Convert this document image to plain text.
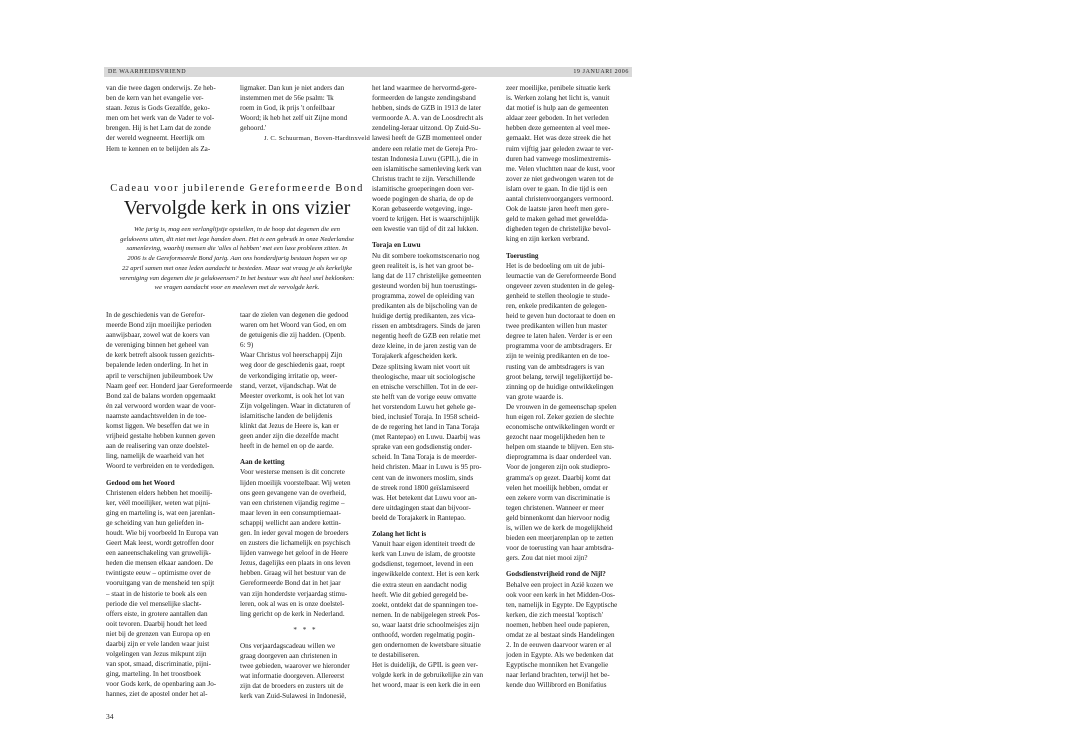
DE WAARHEIDSVRIEND	19 JANUARI 2006
van die twee dagen onderwijs. Ze heb-
ben de kern van het evangelie ver-
staan. Jezus is Gods Gezalfde, geko-
men om het werk van de Vader te vol-
brengen. Hij is het Lam dat de zonde
der wereld wegneemt. Heerlijk om
Hem te kennen en te belijden als Za-
ligmaker. Dan kun je niet anders dan
instemmen met de 56e psalm: 'Ik
roem in God, ik prijs 't onfeilbaar
Woord; ik heb het zelf uit Zijne mond
gehoord.'
J. C. Schuurman, Boven-Hardinxveld
Cadeau voor jubilerende Gereformeerde Bond
Vervolgde kerk in ons vizier
Wie jarig is, mag een verlanglijstje opstellen, in de hoop dat degenen die een
gelukwens uiten, dit niet met lege handen doen. Het is een gebruik in onze Nederlandse
samenleving, waarbij mensen die 'alles al hebben' met een luxe probleem zitten. In
2006 is de Gereformeerde Bond jarig. Aan ons honderdjarig bestaan hopen we op
22 april samen met onze leden aandacht te besteden. Maar wat vraag je als kerkelijke
vereniging van degenen die je gelukwensen? In het bestuur was dit heel snel beklonken:
we vragen aandacht voor en meeleven met de vervolgde kerk.
In de geschiedenis van de Gerefor-
meerde Bond zijn moeilijke perioden
aanwijsbaar, zowel wat de koers van
de vereniging binnen het geheel van
de kerk betreft alsook tussen gezichts-
bepalende leden onderling. In het in
april te verschijnen jubileumboek Uw
Naam geef eer. Honderd jaar Gereformeerde
Bond zal de balans worden opgemaakt
én zal verwoord worden waar de voor-
naamste aandachtsvelden in de toe-
komst liggen. We beseffen dat we in
vrijheid gestalte hebben kunnen geven
aan de realisering van onze doelstel-
ling, namelijk de waarheid van het
Woord te verbreiden en te verdedigen.
Gedood om het Woord
Christenen elders hebben het moeilij-
ker, véél moeilijker, weten wat pijni-
ging en marteling is, wat een jarenlan-
ge scheiding van hun geliefden in-
houdt. Wie bij voorbeeld In Europa van
Geert Mak leest, wordt getroffen door
een aaneenschakeling van gruwelijk-
heden die mensen elkaar aandoen. De
twintigste eeuw – optimisme over de
vooruitgang van de mensheid ten spijt
– staat in de historie te boek als een
periode die vel menselijke slacht-
offers eiste, in grotere aantallen dan
ooit tevoren. Daarbij houdt het leed
niet bij de grenzen van Europa op en
daarbij zijn er vele landen waar juist
volgelingen van Jezus mikpunt zijn
van spot, smaad, discriminatie, pijni-
ging, marteling. In het troostboek
voor Gods kerk, de openbaring aan Jo-
hannes, ziet de apostel onder het al-
taar de zielen van degenen die gedood
waren om het Woord van God, en om
de getuigenis die zij hadden. (Openb.
6: 9)
Waar Christus vol heerschappij Zijn
weg door de geschiedenis gaat, roept
de verkondiging irritatie op, weer-
stand, verzet, vijandschap. Wat de
Meester overkomt, is ook het lot van
Zijn volgelingen. Waar in dictaturen of
islamitische landen de belijdenis
klinkt dat Jezus de Heere is, kan er
geen ander zijn die dezelfde macht
heeft in de hemel en op de aarde.
Aan de ketting
Voor westerse mensen is dit concrete
lijden moeilijk voorstelbaar. Wij weten
ons geen gevangene van de overheid,
van een christenen vijandig regime –
maar leven in een consumptiemaat-
schappij wellicht aan andere kettin-
gen. In ieder geval mogen de broeders
en zusters die lichamelijk en psychisch
lijden vanwege het geloof in de Heere
Jezus, dagelijks een plaats in ons leven
hebben. Graag wil het bestuur van de
Gereformeerde Bond dat in het jaar
van zijn honderdste verjaardag stimu-
leren, ook al was en is onze doelstel-
ling gericht op de kerk in Nederland.
* * *
Ons verjaardagscadeau willen we
graag doorgeven aan christenen in
twee gebieden, waarover we hieronder
wat informatie doorgeven. Allereerst
zijn dat de broeders en zusters uit de
kerk van Zuid-Sulawesi in Indonesië,
het land waarmee de hervormd-gere-
formeerden de langste zendingsband
hebben, sinds de GZB in 1913 de later
vermoorde A. A. van de Loosdrecht als
zendeling-leraar uitzond. Op Zuid-Su-
lawesi heeft de GZB momenteel onder
andere een relatie met de Gereja Pro-
testan Indonesia Luwu (GPIL), die in
een islamitische samenleving kerk van
Christus tracht te zijn. Verschillende
islamitische groeperingen doen ver-
woede pogingen de sharia, de op de
Koran gebaseerde wetgeving, inge-
voerd te krijgen. Het is waarschijnlijk
een kwestie van tijd of dit zal lukken.
Toraja en Luwu
Nu dit sombere toekomstscenario nog
geen realiteit is, is het van groot be-
lang dat de 117 christelijke gemeenten
gesteund worden bij hun toerustings-
programma, zowel de opleiding van
predikanten als de bijscholing van de
huidige dertig predikanten, zes vica-
rissen en ambtsdragers. Sinds de jaren
negentig heeft de GZB een relatie met
deze kleine, in de jaren zestig van de
Torajakerk afgescheiden kerk.
Deze splitsing kwam niet voort uit
theologische, maar uit sociologische
en etnische verschillen. Tot in de eer-
ste helft van de vorige eeuw omvatte
het vorstendom Luwu het gehele ge-
bied, inclusief Toraja. In 1958 scheid-
de de regering het land in Tana Toraja
(met Rantepao) en Luwu. Daarbij was
sprake van een godsdienstig onder-
scheid. In Tana Toraja is de meerder-
heid christen. Maar in Luwu is 95 pro-
cent van de inwoners moslim, sinds
de streek rond 1800 geïslamiseerd
was. Het betekent dat Luwu voor an-
dere uitdagingen staat dan bijvoor-
beeld de Torajakerk in Rantepao.
Zolang het licht is
Vanuit haar eigen identiteit treedt de
kerk van Luwu de islam, de grootste
godsdienst, tegemoet, levend in een
ingewikkelde context. Het is een kerk
die extra steun en aandacht nodig
heeft. Wie dit gebied geregeld be-
zoekt, ontdekt dat de spanningen toe-
nemen. In de nabijgelegen streek Pos-
so, waar laatst drie schoolmeisjes zijn
onthoofd, worden regelmatig pogin-
gen ondernomen de kwetsbare situatie
te destabiliseren.
Het is duidelijk, de GPIL is geen ver-
volgde kerk in de gebruikelijke zin van
het woord, maar is een kerk die in een
zeer moeilijke, penibele situatie kerk
is. Werken zolang het licht is, vanuit
dat motief is hulp aan de gemeenten
aldaar zeer geboden. In het verleden
hebben deze gemeenten al veel mee-
gemaakt. Het was deze streek die het
ruim vijftig jaar geleden zwaar te ver-
duren had vanwege moslimextremis-
me. Velen vluchtten naar de kust, voor
zover ze niet gedwongen waren tot de
islam over te gaan. In die tijd is een
aantal christenvoorgangers vermoord.
Ook de laatste jaren heeft men gere-
geld te maken gehad met geweldda-
digheden tegen de christelijke bevol-
king en zijn kerken verbrand.
Toerusting
Het is de bedoeling om uit de jubi-
leumactie van de Gereformeerde Bond
ongeveer zeven studenten in de geleg-
genheid te stellen theologie te stude-
ren, enkele predikanten de gelegen-
heid te geven hun doctoraat te doen en
twee predikanten willen hun master
degree te laten halen. Verder is er een
programma voor de ambtsdragers. Er
zijn te weinig predikanten en de toe-
rusting van de ambtsdragers is van
groot belang, terwijl tegelijkertijd be-
zinning op de huidige ontwikkelingen
van grote waarde is.
De vrouwen in de gemeenschap spelen
hun eigen rol. Zeker gezien de slechte
economische ontwikkelingen wordt er
gezocht naar mogelijkheden hen te
helpen om staande te blijven. Een stu-
dieprogramma is daar onderdeel van.
Voor de jongeren zijn ook studiepro-
gramma's op gezet. Daarbij komt dat
velen het moeilijk hebben, omdat er
een zekere vorm van discriminatie is
tegen christenen. Wanneer er meer
geld binnenkomt dan hiervoor nodig
is, willen we de kerk de mogelijkheid
bieden een meerjarenplan op te zetten
voor de toerusting van haar ambtsdra-
gers. Zou dat niet mooi zijn?
Godsdienstvrijheid rond de Nijl?
Behalve een project in Azië kozen we
ook voor een kerk in het Midden-Oos-
ten, namelijk in Egypte. De Egyptische
kerken, die zich meestal 'koptisch'
noemen, hebben heel oude papieren,
omdat ze al bestaat sinds Handelingen
2. In de eeuwen daarvoor waren er al
joden in Egypte. Als we bedenken dat
Egyptische monniken het Evangelie
naar Ierland brachten, terwijl het be-
kende duo Willibrord en Bonifatius
34
